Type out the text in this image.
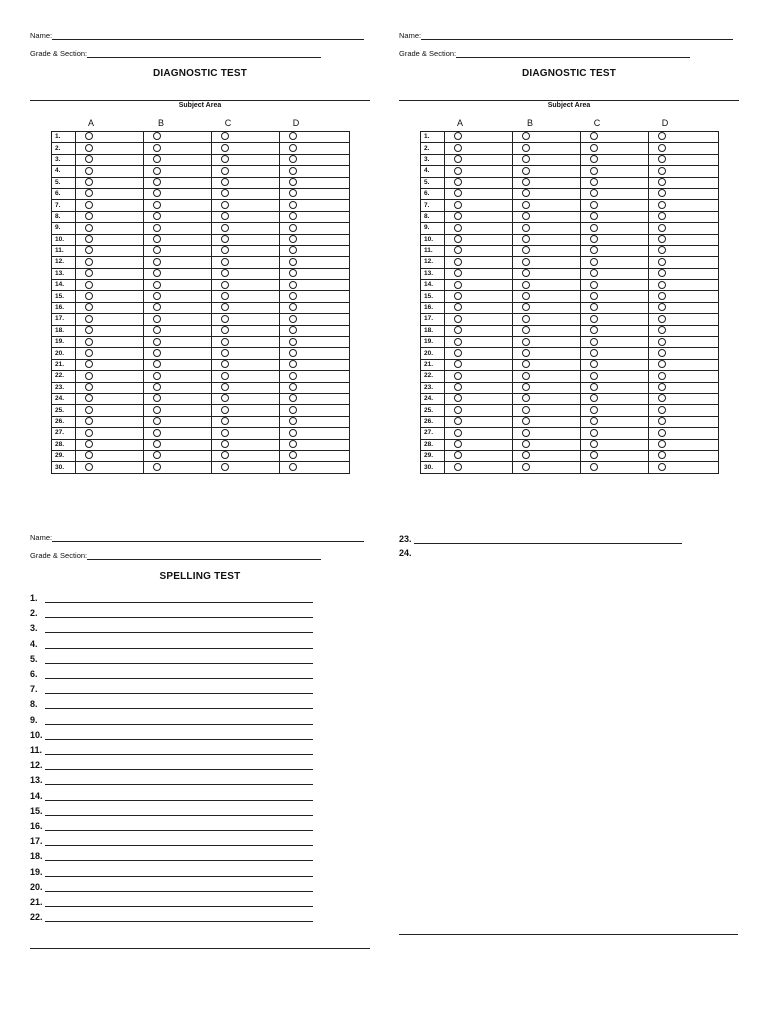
Name:
Grade & Section:
DIAGNOSTIC TEST
Subject Area
A	B	C	D
1.				
2.				
3.				
4.				
5.				
6.				
7.				
8.				
9.				
10.				
11.				
12.				
13.				
14.				
15.				
16.				
17.				
18.				
19.				
20.				
21.				
22.				
23.				
24.				
25.				
26.				
27.				
28.				
29.				
30.				
Name:
Grade & Section:
DIAGNOSTIC TEST
Subject Area
A	B	C	D
1.				
2.				
3.				
4.				
5.				
6.				
7.				
8.				
9.				
10.				
11.				
12.				
13.				
14.				
15.				
16.				
17.				
18.				
19.				
20.				
21.				
22.				
23.				
24.				
25.				
26.				
27.				
28.				
29.				
30.				
Name:
Grade & Section:
SPELLING TEST
1.
2.
3.
4.
5.
6.
7.
8.
9.
10.
11.
12.
13.
14.
15.
16.
17.
18.
19.
20.
21.
22.
23.
24.
